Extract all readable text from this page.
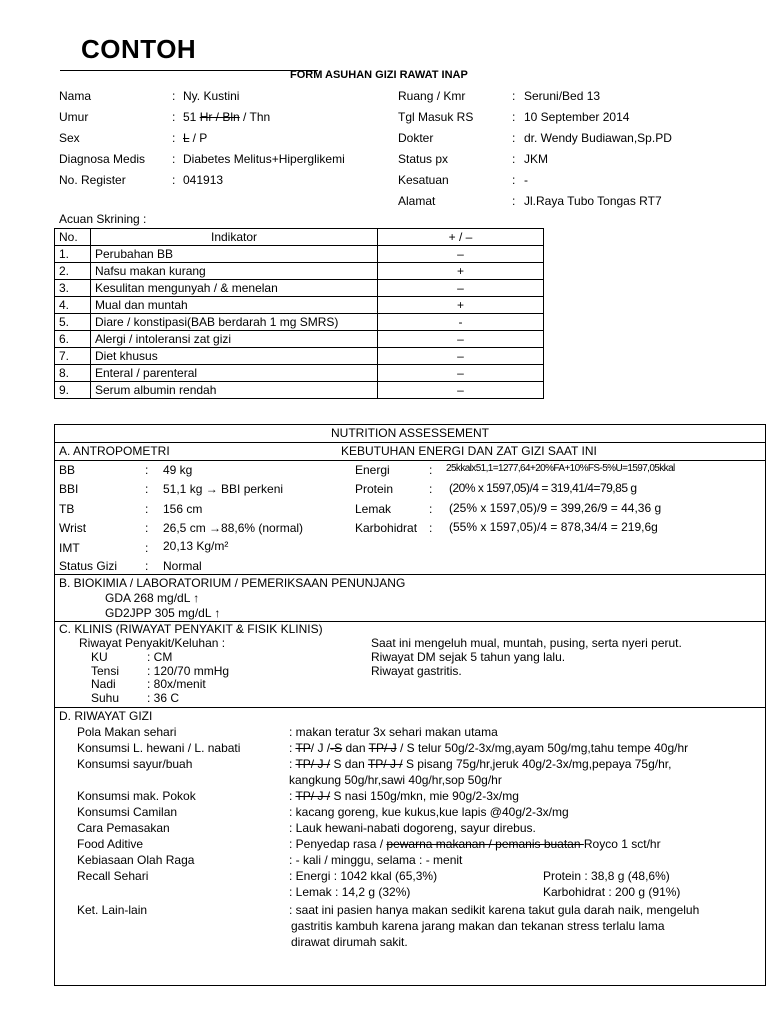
CONTOH
FORM ASUHAN GIZI RAWAT INAP
Nama	: Ny. Kustini
Umur	: 51 Hr / Bln / Thn
Sex	: L / P
Diagnosa Medis : Diabetes Melitus+Hiperglikemi
No. Register	: 041913
Ruang / Kmr	: Seruni/Bed 13
Tgl Masuk RS	: 10 September 2014
Dokter	: dr. Wendy Budiawan,Sp.PD
Status px	: JKM
Kesatuan	: -
Alamat	: Jl.Raya Tubo Tongas RT7
Acuan Skrining :
No.	Indikator	+ / –
1.	Perubahan BB	–
2.	Nafsu makan kurang	+
3.	Kesulitan mengunyah / & menelan	–
4.	Mual dan muntah	+
5.	Diare / konstipasi(BAB berdarah 1 mg SMRS)	-
6.	Alergi / intoleransi zat gizi	–
7.	Diet khusus	–
8.	Enteral / parenteral	–
9.	Serum albumin rendah	–
NUTRITION ASSESSEMENT
A. ANTROPOMETRI	KEBUTUHAN ENERGI DAN ZAT GIZI SAAT INI
BB	: 49 kg
BBI	: 51,1 kg → BBI perkeni
TB	: 156 cm
Wrist	: 26,5 cm →88,6% (normal)
IMT	: 20,13 Kg/m²
Status Gizi : Normal
Energi	: 25kkalx51,1=1277,64+20%FA+10%FS-5%U=1597,05kkal
Protein	: (20% x 1597,05)/4 = 319,41/4=79,85 g
Lemak	: (25% x 1597,05)/9 = 399,26/9 = 44,36 g
Karbohidrat : (55% x 1597,05)/4 = 878,34/4 = 219,6g
B. BIOKIMIA / LABORATORIUM / PEMERIKSAAN PENUNJANG
GDA 268 mg/dL ↑
GD2JPP 305 mg/dL ↑
C. KLINIS (RIWAYAT PENYAKIT & FISIK KLINIS)
Riwayat Penyakit/Keluhan :
KU	: CM
Tensi : 120/70 mmHg
Nadi	: 80x/menit
Suhu : 36 C
Saat ini mengeluh mual, muntah, pusing, serta nyeri perut.
Riwayat DM sejak 5 tahun yang lalu.
Riwayat gastritis.
D. RIWAYAT GIZI
Pola Makan sehari	: makan teratur 3x sehari makan utama
Konsumsi L. hewani / L. nabati	: TP/ J /-S dan TP/ J / S telur 50g/2-3x/mg,ayam 50g/mg,tahu tempe 40g/hr
Konsumsi sayur/buah	: TP/ J / S dan TP/ J / S pisang 75g/hr,jeruk 40g/2-3x/mg,pepaya 75g/hr,
kangkung 50g/hr,sawi 40g/hr,sop 50g/hr
Konsumsi mak. Pokok	: TP/ J / S nasi 150g/mkn, mie 90g/2-3x/mg
Konsumsi Camilan	: kacang goreng, kue kukus,kue lapis @40g/2-3x/mg
Cara Pemasakan	: Lauk hewani-nabati dogoreng, sayur direbus.
Food Aditive	: Penyedap rasa / pewarna makanan / pemanis buatan Royco 1 sct/hr
Kebiasaan Olah Raga	: - kali / minggu, selama : - menit
Recall Sehari	: Energi : 1042 kkal (65,3%)	Protein : 38,8 g (48,6%)
: Lemak : 14,2 g (32%)	Karbohidrat : 200 g (91%)
Ket. Lain-lain	: saat ini pasien hanya makan sedikit karena takut gula darah naik, mengeluh
gastritis kambuh karena jarang makan dan tekanan stress terlalu lama
dirawat dirumah sakit.
